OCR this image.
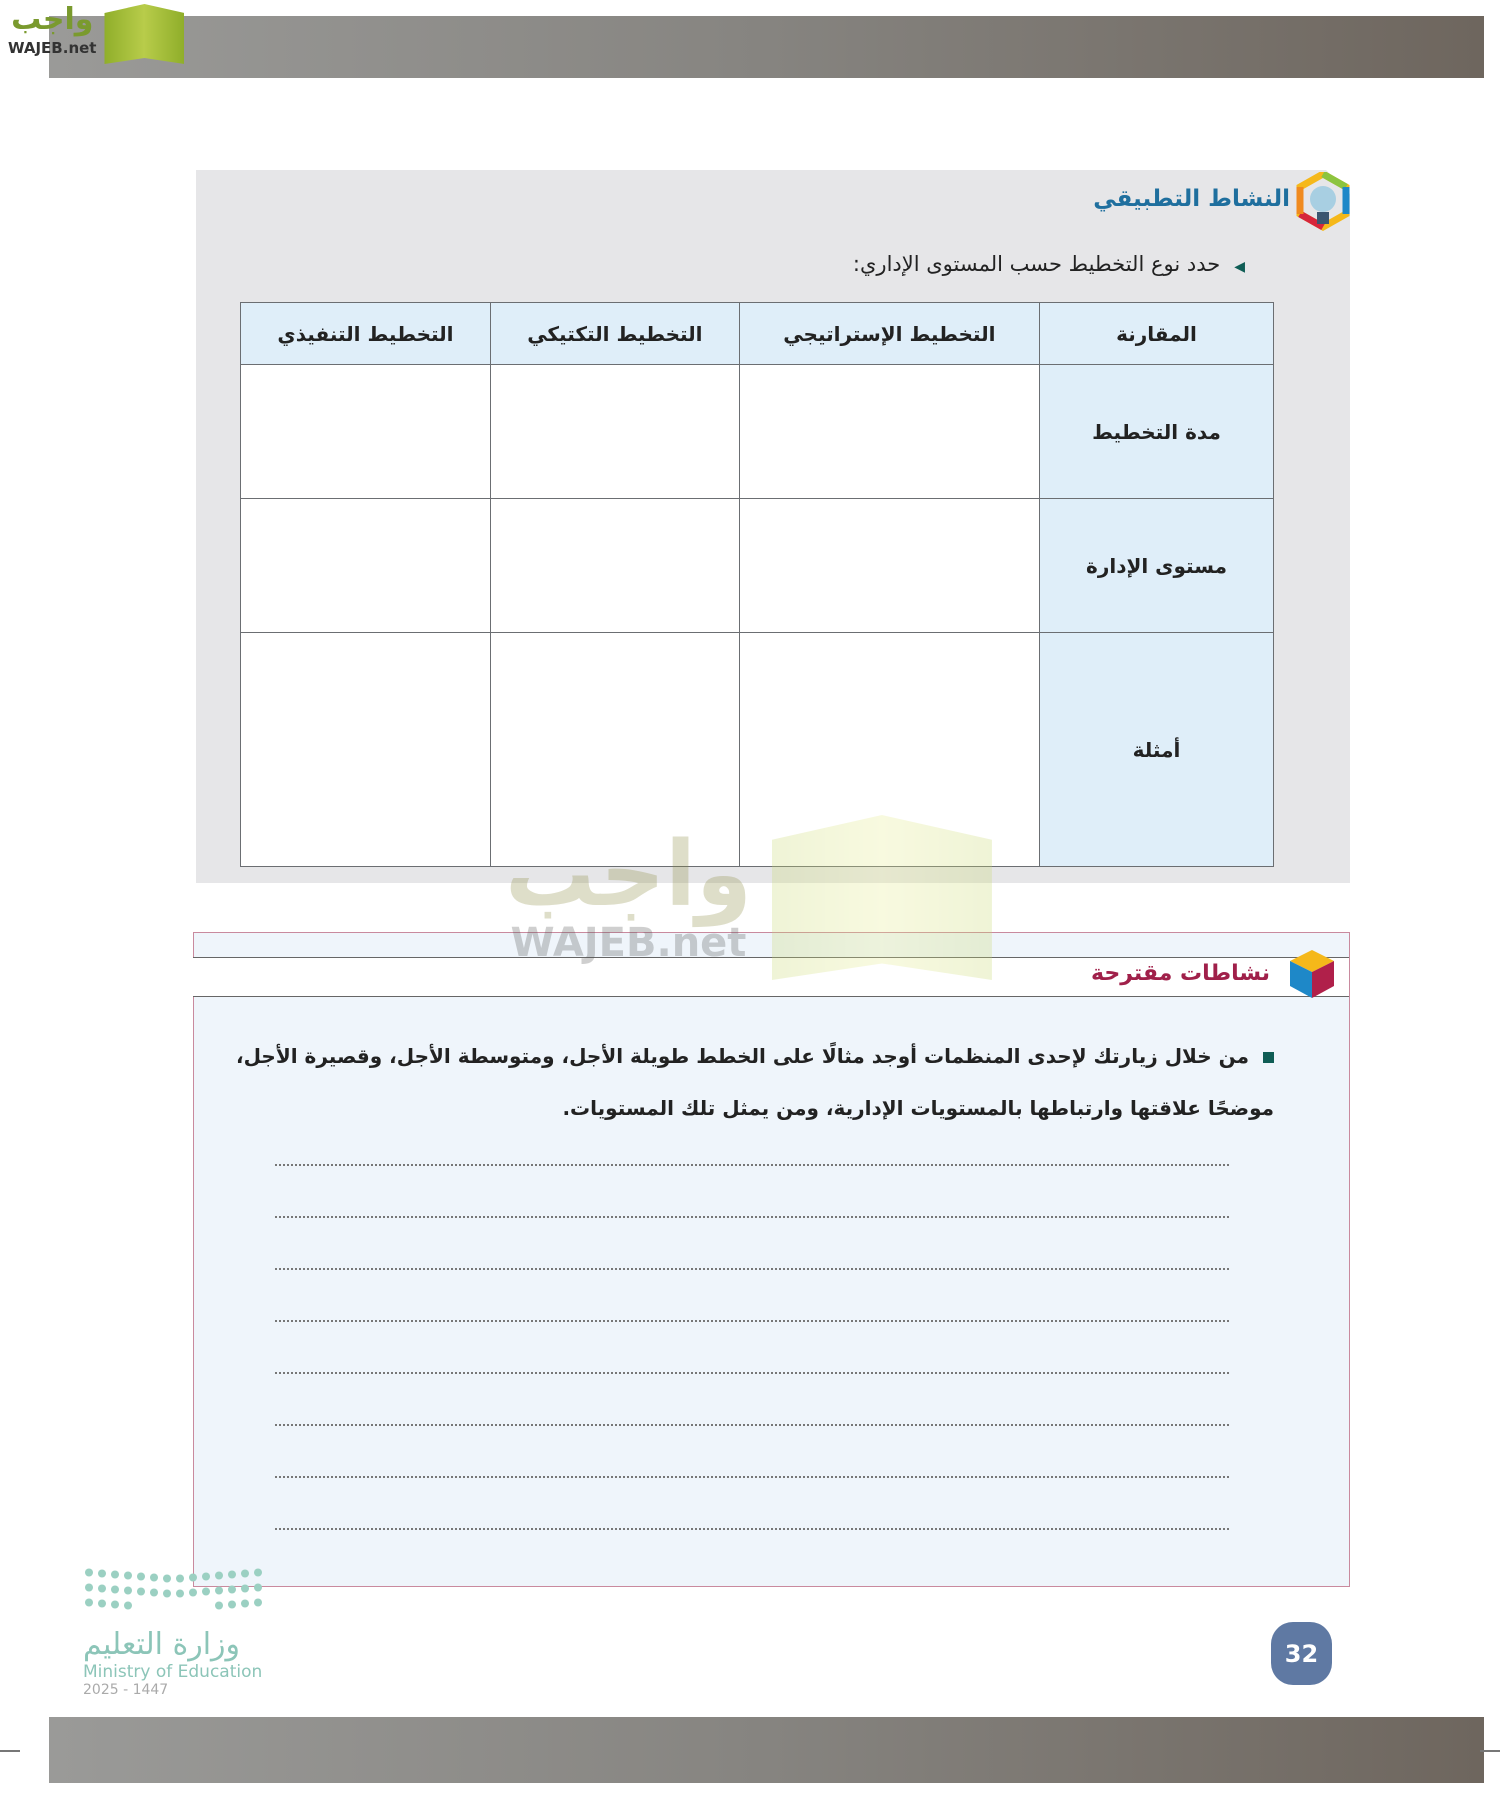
واجب
WAJEB.net
النشاط التطبيقي
◀حدد نوع التخطيط حسب المستوى الإداري:
المقارنة	التخطيط الإستراتيجي	التخطيط التكتيكي	التخطيط التنفيذي
مدة التخطيط			
مستوى الإدارة			
أمثلة			
نشاطات مقترحة
من خلال زيارتك لإحدى المنظمات أوجد مثالًا على الخطط طويلة الأجل، ومتوسطة الأجل، وقصيرة الأجل، موضحًا علاقتها وارتباطها بالمستويات الإدارية، ومن يمثل تلك المستويات.
32
وزارة التعليم
Ministry of Education
2025 - 1447
واجب
WAJEB.net
